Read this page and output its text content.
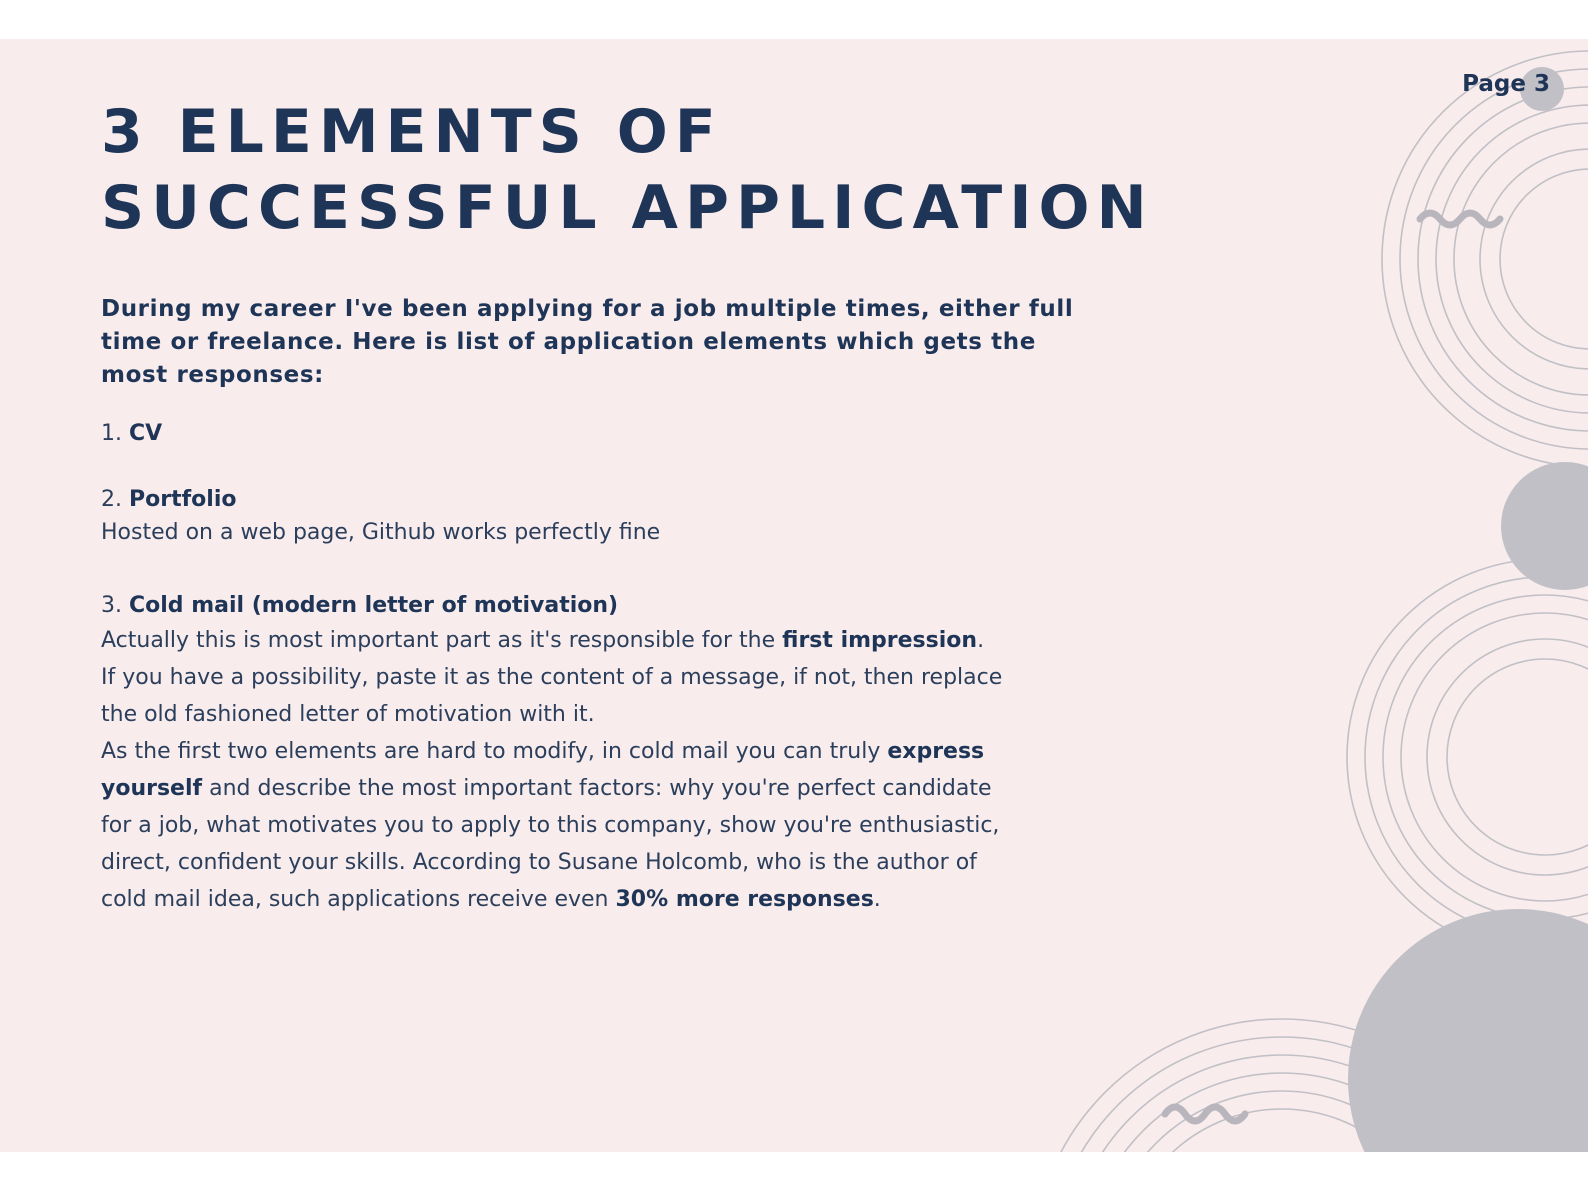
Page 3
3 ELEMENTS OF
SUCCESSFUL APPLICATION

During my career I've been applying for a job multiple times, either full time or freelance. Here is list of application elements which gets the most responses:

1. CV
2. Portfolio
Hosted on a web page, Github works perfectly fine
3. Cold mail (modern letter of motivation)
Actually this is most important part as it's responsible for the first impression.
If you have a possibility, paste it as the content of a message, if not, then replace
the old fashioned letter of motivation with it.
As the first two elements are hard to modify, in cold mail you can truly express
yourself and describe the most important factors: why you're perfect candidate
for a job, what motivates you to apply to this company, show you're enthusiastic,
direct, confident your skills. According to Susane Holcomb, who is the author of
cold mail idea, such applications receive even 30% more responses.
